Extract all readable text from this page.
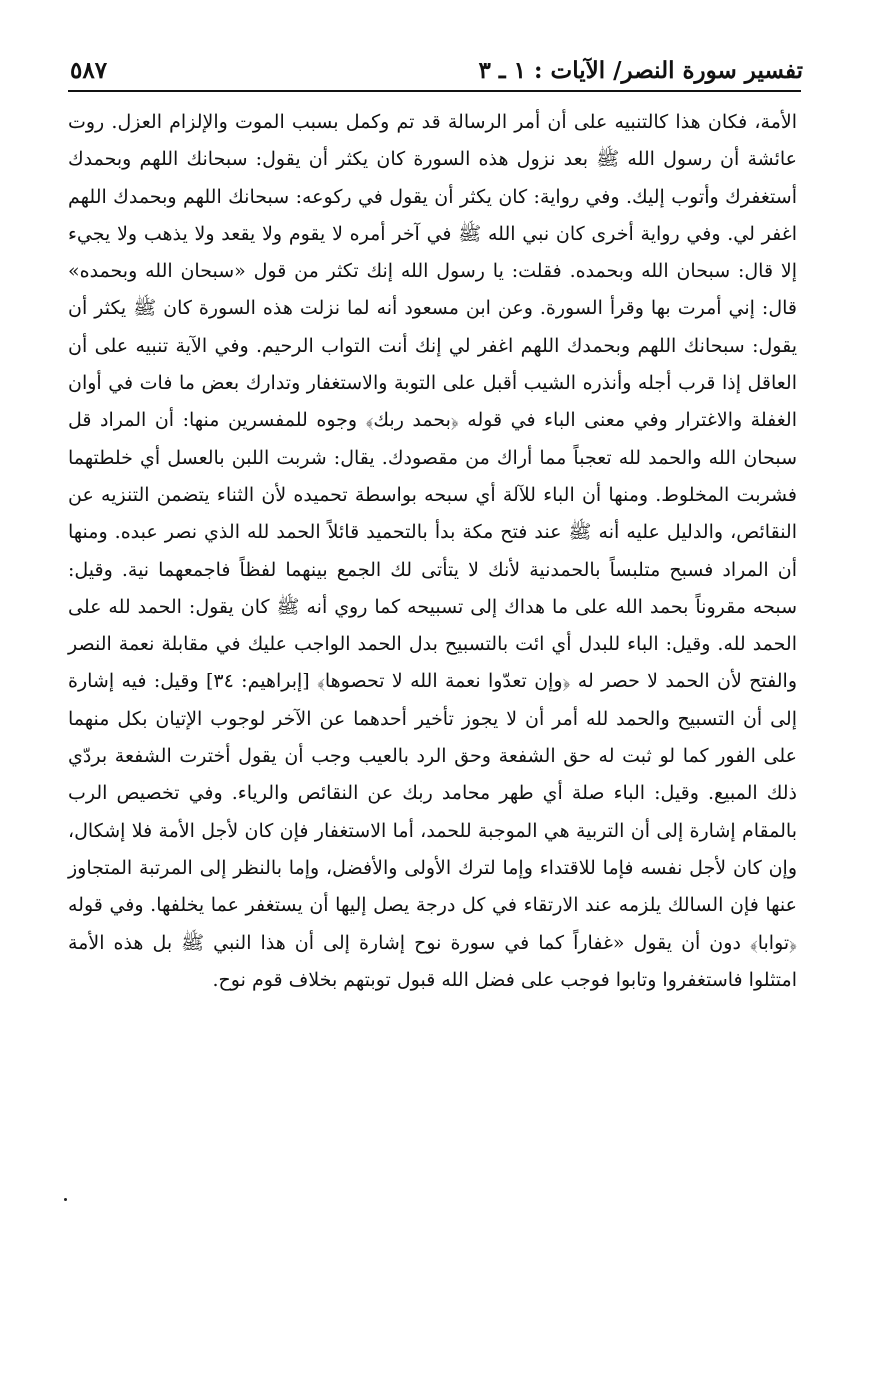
تفسير سورة النصر/ الآيات : ١ ـ ٣
٥٨٧

الأمة، فكان هذا كالتنبيه على أن أمر الرسالة قد تم وكمل بسبب الموت والإلزام العزل. روت عائشة أن رسول الله ﷺ بعد نزول هذه السورة كان يكثر أن يقول: سبحانك اللهم وبحمدك أستغفرك وأتوب إليك. وفي رواية: كان يكثر أن يقول في ركوعه: سبحانك اللهم وبحمدك اللهم اغفر لي. وفي رواية أخرى كان نبي الله ﷺ في آخر أمره لا يقوم ولا يقعد ولا يذهب ولا يجيء إلا قال: سبحان الله وبحمده. فقلت: يا رسول الله إنك تكثر من قول «سبحان الله وبحمده» قال: إني أمرت بها وقرأ السورة. وعن ابن مسعود أنه لما نزلت هذه السورة كان ﷺ يكثر أن يقول: سبحانك اللهم وبحمدك اللهم اغفر لي إنك أنت التواب الرحيم. وفي الآية تنبيه على أن العاقل إذا قرب أجله وأنذره الشيب أقبل على التوبة والاستغفار وتدارك بعض ما فات في أوان الغفلة والاغترار وفي معنى الباء في قوله ﴿بحمد ربك﴾ وجوه للمفسرين منها: أن المراد قل سبحان الله والحمد لله تعجباً مما أراك من مقصودك. يقال: شربت اللبن بالعسل أي خلطتهما فشربت المخلوط. ومنها أن الباء للآلة أي سبحه بواسطة تحميده لأن الثناء يتضمن التنزيه عن النقائص، والدليل عليه أنه ﷺ عند فتح مكة بدأ بالتحميد قائلاً الحمد لله الذي نصر عبده. ومنها أن المراد فسبح متلبساً بالحمدنية لأنك لا يتأتى لك الجمع بينهما لفظاً فاجمعهما نية. وقيل: سبحه مقروناً بحمد الله على ما هداك إلى تسبيحه كما روي أنه ﷺ كان يقول: الحمد لله على الحمد لله. وقيل: الباء للبدل أي ائت بالتسبيح بدل الحمد الواجب عليك في مقابلة نعمة النصر والفتح لأن الحمد لا حصر له ﴿وإن تعدّوا نعمة الله لا تحصوها﴾ [إبراهيم: ٣٤] وقيل: فيه إشارة إلى أن التسبيح والحمد لله أمر أن لا يجوز تأخير أحدهما عن الآخر لوجوب الإتيان بكل منهما على الفور كما لو ثبت له حق الشفعة وحق الرد بالعيب وجب أن يقول أخترت الشفعة بردّي ذلك المبيع. وقيل: الباء صلة أي طهر محامد ربك عن النقائص والرياء. وفي تخصيص الرب بالمقام إشارة إلى أن التربية هي الموجبة للحمد، أما الاستغفار فإن كان لأجل الأمة فلا إشكال، وإن كان لأجل نفسه فإما للاقتداء وإما لترك الأولى والأفضل، وإما بالنظر إلى المرتبة المتجاوز عنها فإن السالك يلزمه عند الارتقاء في كل درجة يصل إليها أن يستغفر عما يخلفها. وفي قوله ﴿توابا﴾ دون أن يقول «غفاراً كما في سورة نوح إشارة إلى أن هذا النبي ﷺ بل هذه الأمة امتثلوا فاستغفروا وتابوا فوجب على فضل الله قبول توبتهم بخلاف قوم نوح.
